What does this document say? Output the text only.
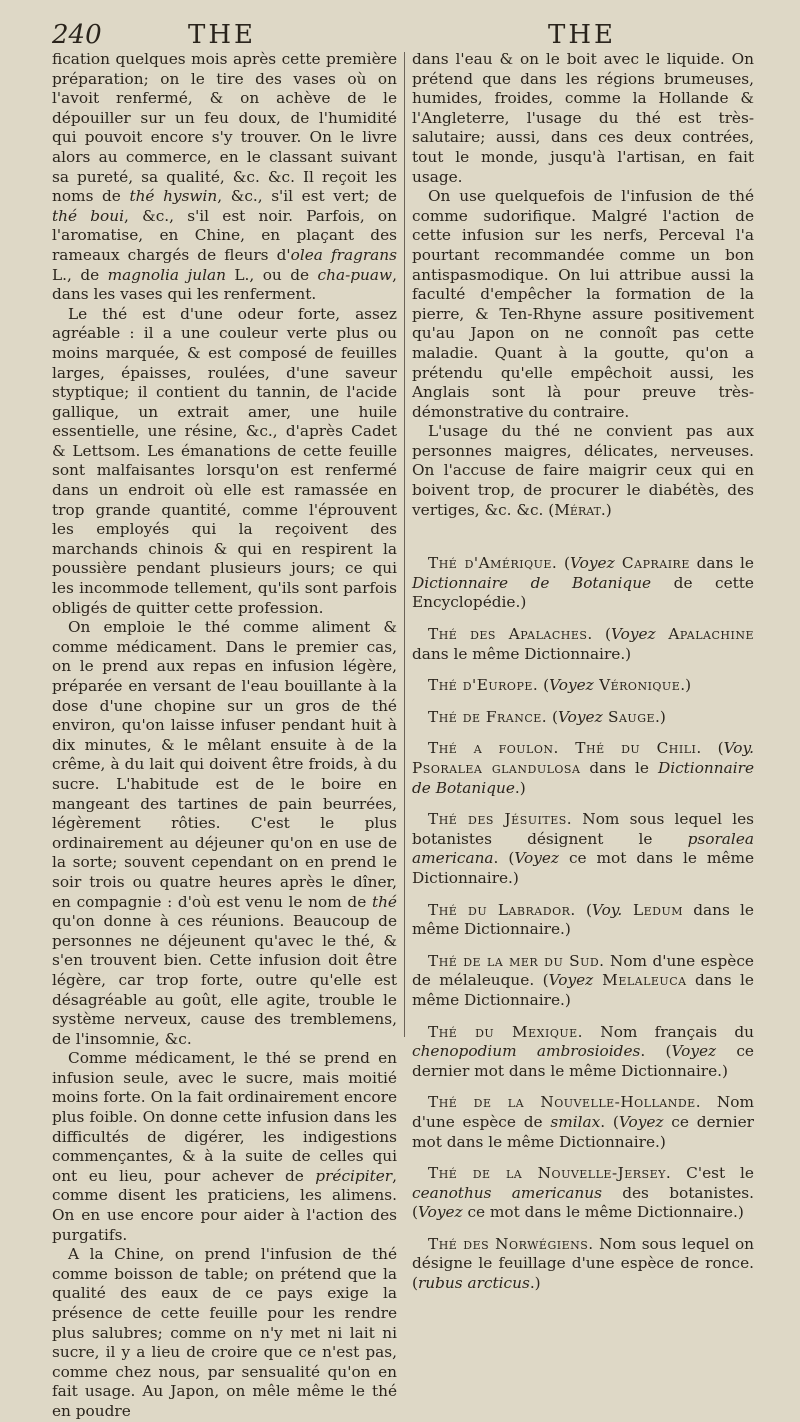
240	THE	THE

fication quelques mois après cette première préparation; on le tire des vases où on l'avoit renfermé, & on achève de le dépouiller sur un feu doux, de l'humidité qui pouvoit encore s'y trouver. On le livre alors au commerce, en le classant suivant sa pureté, sa qualité, &c. &c. Il reçoit les noms de thé hyswin, &c., s'il est vert; de thé boui, &c., s'il est noir. Parfois, on l'aromatise, en Chine, en plaçant des rameaux chargés de fleurs d'olea fragrans L., de magnolia julan L., ou de cha-puaw, dans les vases qui les renferment.

Le thé est d'une odeur forte, assez agréable : il a une couleur verte plus ou moins marquée, & est composé de feuilles larges, épaisses, roulées, d'une saveur styptique; il contient du tannin, de l'acide gallique, un extrait amer, une huile essentielle, une résine, &c., d'après Cadet & Lettsom. Les émanations de cette feuille sont malfaisantes lorsqu'on est renfermé dans un endroit où elle est ramassée en trop grande quantité, comme l'éprouvent les employés qui la reçoivent des marchands chinois & qui en respirent la poussière pendant plusieurs jours; ce qui les incommode tellement, qu'ils sont parfois obligés de quitter cette profession.

On emploie le thé comme aliment & comme médicament. Dans le premier cas, on le prend aux repas en infusion légère, préparée en versant de l'eau bouillante à la dose d'une chopine sur un gros de thé environ, qu'on laisse infuser pendant huit à dix minutes, & le mêlant ensuite à de la crême, à du lait qui doivent être froids, à du sucre. L'habitude est de le boire en mangeant des tartines de pain beurrées, légèrement rôties. C'est le plus ordinairement au déjeuner qu'on en use de la sorte; souvent cependant on en prend le soir trois ou quatre heures après le dîner, en compagnie : d'où est venu le nom de thé qu'on donne à ces réunions. Beaucoup de personnes ne déjeunent qu'avec le thé, & s'en trouvent bien. Cette infusion doit être légère, car trop forte, outre qu'elle est désagréable au goût, elle agite, trouble le système nerveux, cause des tremblemens, de l'insomnie, &c.

Comme médicament, le thé se prend en infusion seule, avec le sucre, mais moitié moins forte. On la fait ordinairement encore plus foible. On donne cette infusion dans les difficultés de digérer, les indigestions commençantes, & à la suite de celles qui ont eu lieu, pour achever de précipiter, comme disent les praticiens, les alimens. On en use encore pour aider à l'action des purgatifs.

A la Chine, on prend l'infusion de thé comme boisson de table; on prétend que la qualité des eaux de ce pays exige la présence de cette feuille pour les rendre plus salubres; comme on n'y met ni lait ni sucre, il y a lieu de croire que ce n'est pas, comme chez nous, par sensualité qu'on en fait usage. Au Japon, on mêle même le thé en poudre

dans l'eau & on le boit avec le liquide. On prétend que dans les régions brumeuses, humides, froides, comme la Hollande & l'Angleterre, l'usage du thé est très-salutaire; aussi, dans ces deux contrées, tout le monde, jusqu'à l'artisan, en fait usage.

On use quelquefois de l'infusion de thé comme sudorifique. Malgré l'action de cette infusion sur les nerfs, Perceval l'a pourtant recommandée comme un bon antispasmodique. On lui attribue aussi la faculté d'empêcher la formation de la pierre, & Ten-Rhyne assure positivement qu'au Japon on ne connoît pas cette maladie. Quant à la goutte, qu'on a prétendu qu'elle empêchoit aussi, les Anglais sont là pour preuve très-démonstrative du contraire.

L'usage du thé ne convient pas aux personnes maigres, délicates, nerveuses. On l'accuse de faire maigrir ceux qui en boivent trop, de procurer le diabétès, des vertiges, &c. &c. (Mérat.)

Thé d'Amérique. (Voyez Capraire dans le Dictionnaire de Botanique de cette Encyclopédie.)

Thé des Apalaches. (Voyez Apalachine dans le même Dictionnaire.)

Thé d'Europe. (Voyez Véronique.)

Thé de France. (Voyez Sauge.)

Thé a foulon. Thé du Chili. (Voy. Psoralea glandulosa dans le Dictionnaire de Botanique.)

Thé des Jésuites. Nom sous lequel les botanistes désignent le psoralea americana. (Voyez ce mot dans le même Dictionnaire.)

Thé du Labrador. (Voy. Ledum dans le même Dictionnaire.)

Thé de la mer du Sud. Nom d'une espèce de mélaleuque. (Voyez Melaleuca dans le même Dictionnaire.)

Thé du Mexique. Nom français du chenopodium ambrosioides. (Voyez ce dernier mot dans le même Dictionnaire.)

Thé de la Nouvelle-Hollande. Nom d'une espèce de smilax. (Voyez ce dernier mot dans le même Dictionnaire.)

Thé de la Nouvelle-Jersey. C'est le ceanothus americanus des botanistes. (Voyez ce mot dans le même Dictionnaire.)

Thé des Norwégiens. Nom sous lequel on désigne le feuillage d'une espèce de ronce. (rubus arcticus.)
